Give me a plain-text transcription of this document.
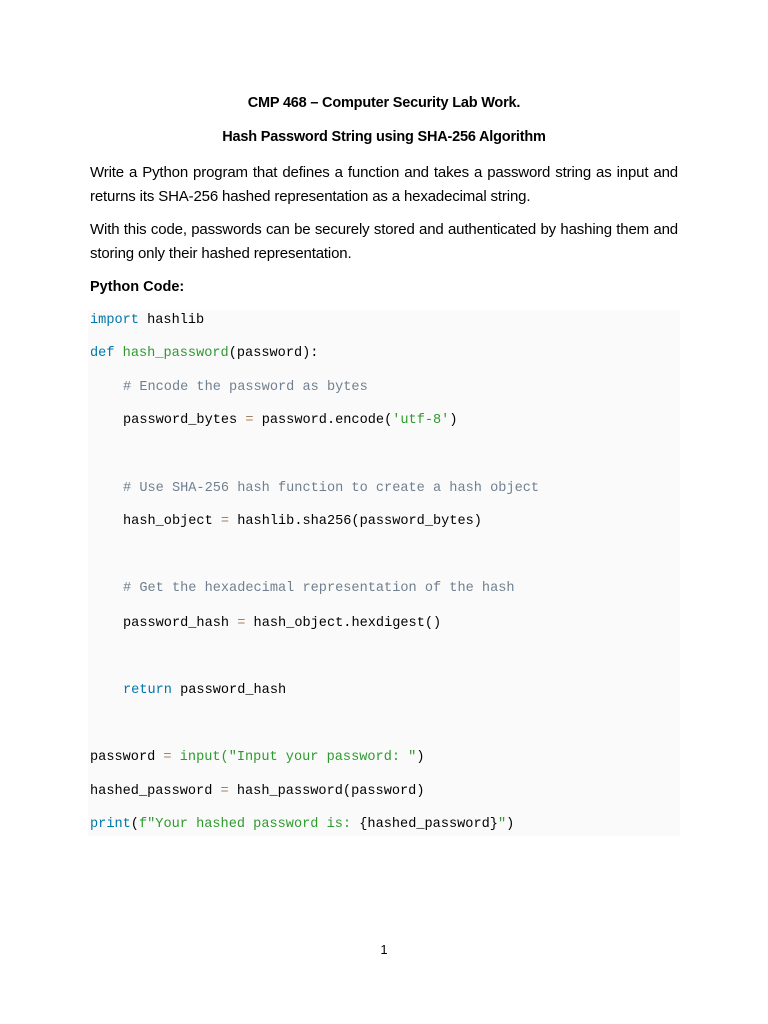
CMP 468 – Computer Security Lab Work.
Hash Password String using SHA-256 Algorithm
Write a Python program that defines a function and takes a password string as input and returns its SHA-256 hashed representation as a hexadecimal string.
With this code, passwords can be securely stored and authenticated by hashing them and storing only their hashed representation.
Python Code:
import hashlib
def hash_password(password):
# Encode the password as bytes
password_bytes = password.encode('utf-8')
# Use SHA-256 hash function to create a hash object
hash_object = hashlib.sha256(password_bytes)
# Get the hexadecimal representation of the hash
password_hash = hash_object.hexdigest()
return password_hash
password = input("Input your password: ")
hashed_password = hash_password(password)
print(f"Your hashed password is: {hashed_password}")
1
